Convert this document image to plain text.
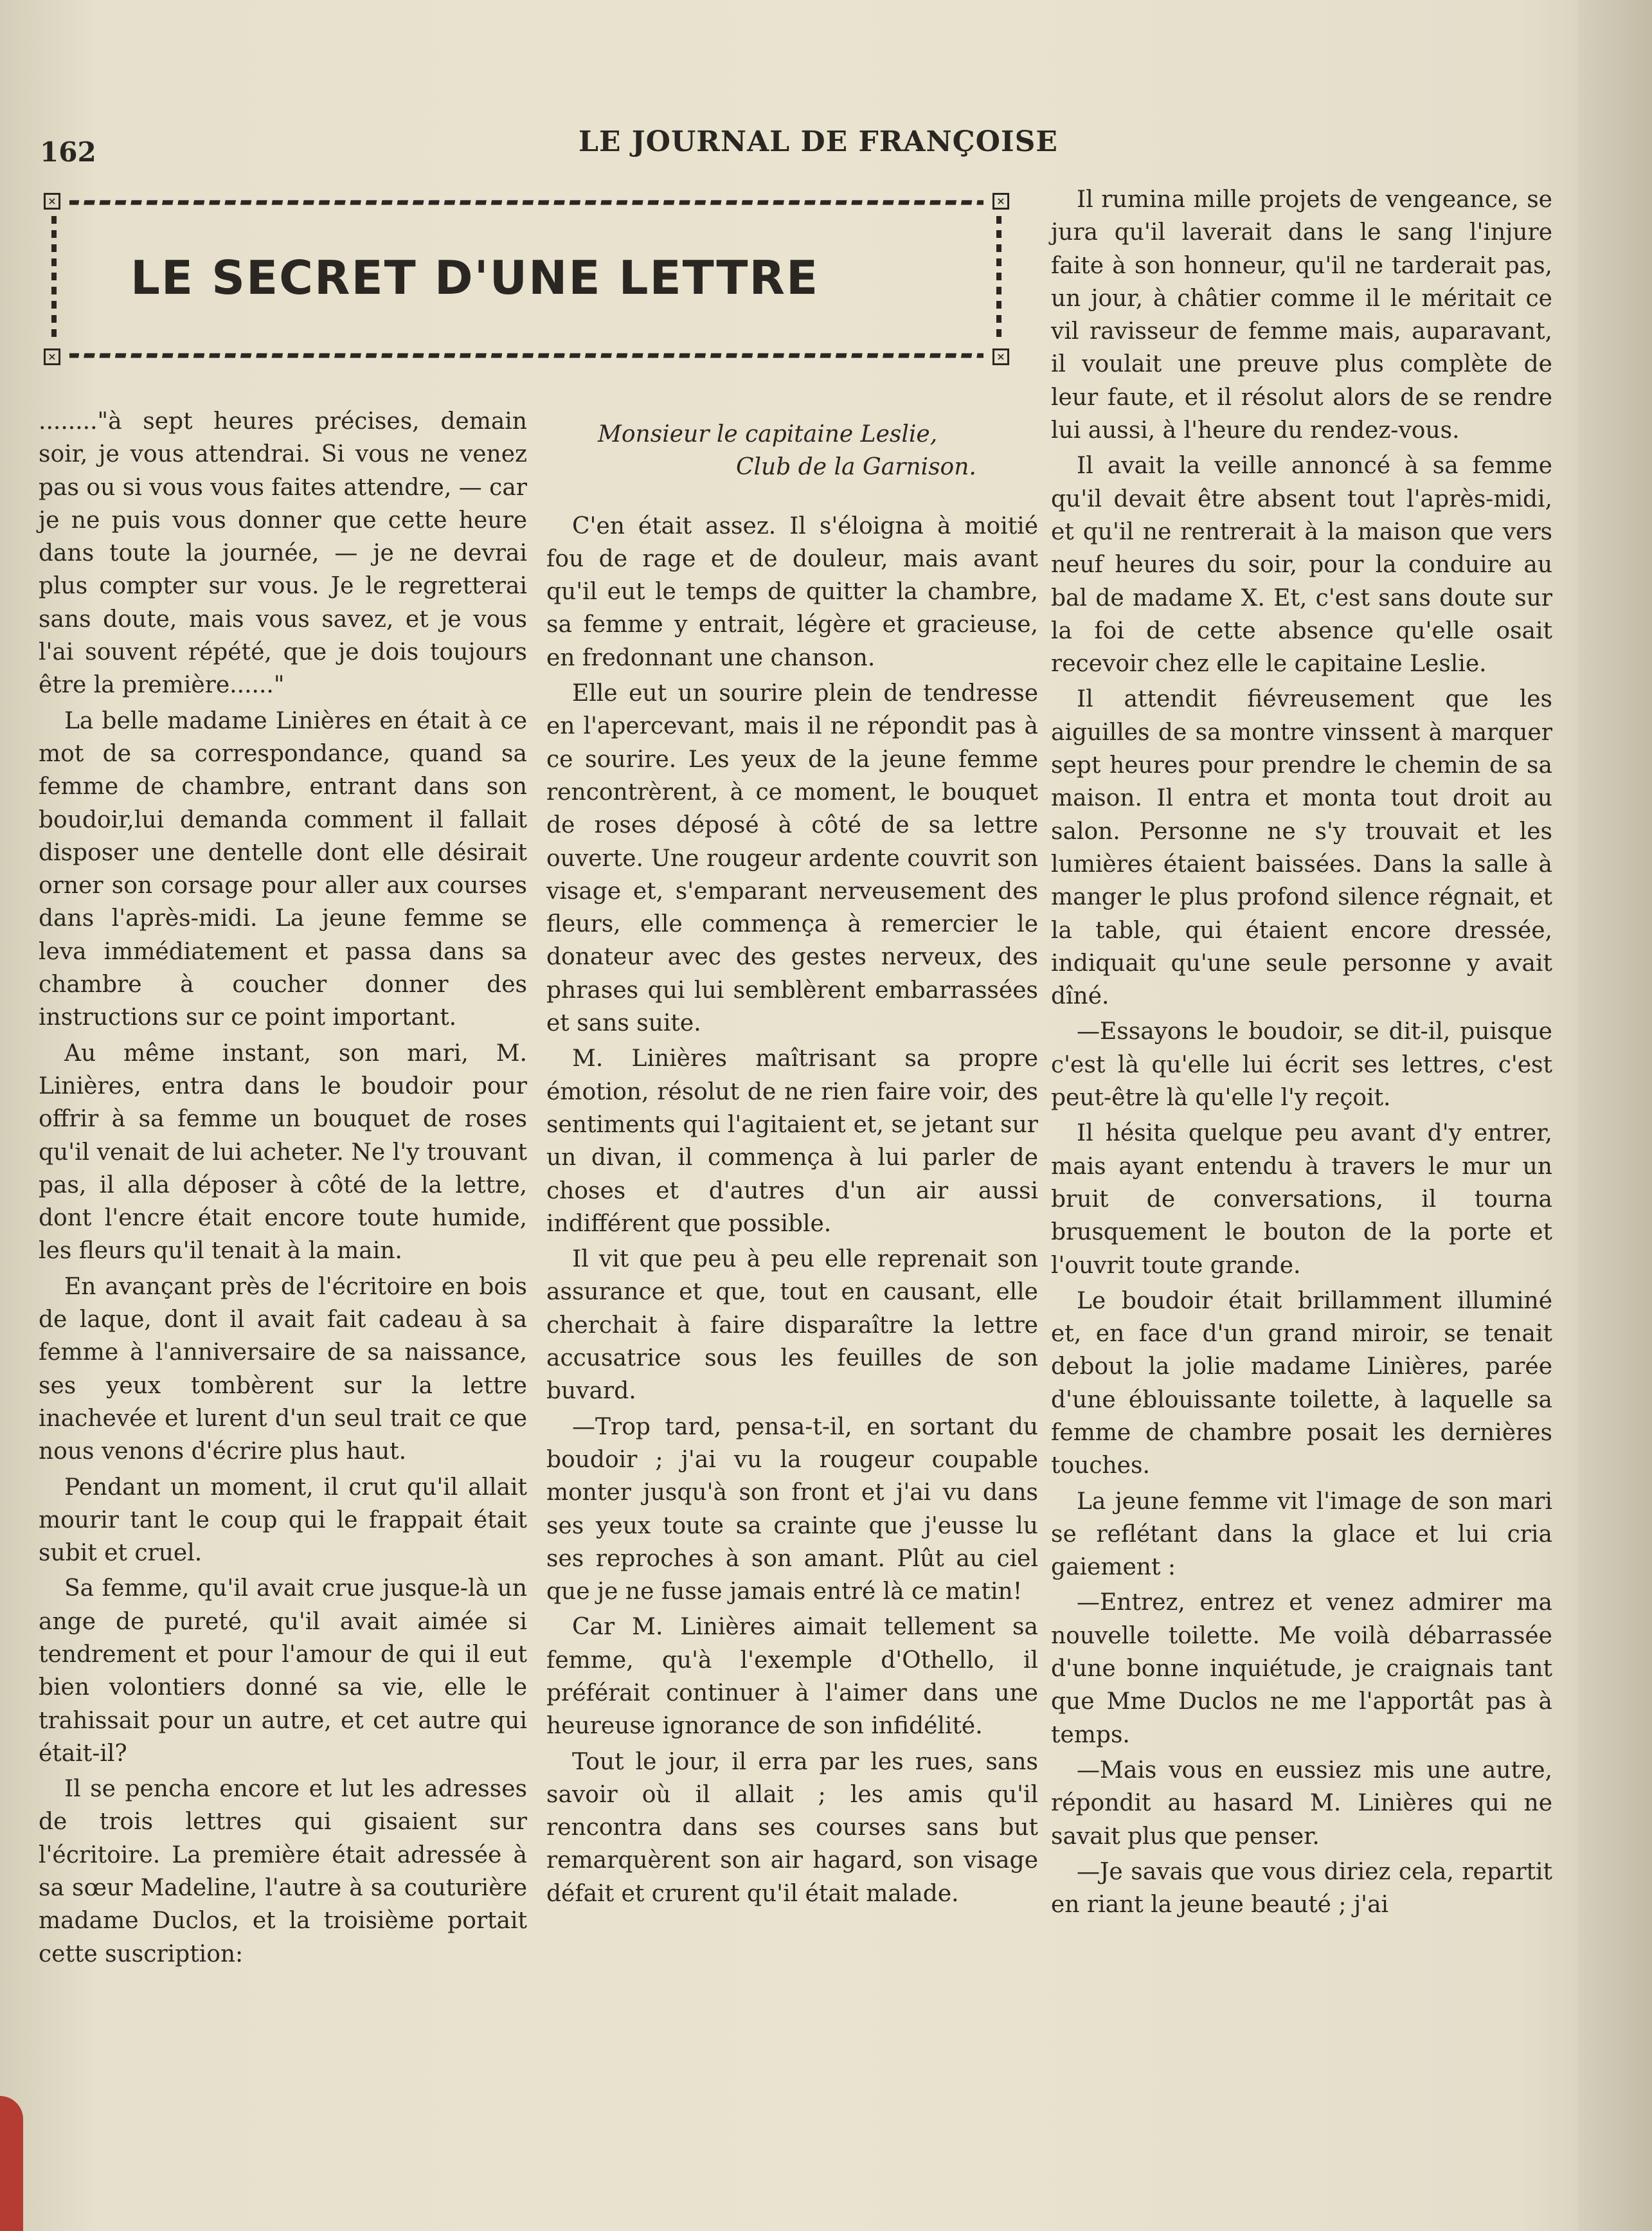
162	LE JOURNAL DE FRANÇOISE
×	×
×	×
LE SECRET D'UNE LETTRE

........"à sept heures précises, demain soir, je vous attendrai. Si vous ne venez pas ou si vous vous faites attendre, — car je ne puis vous donner que cette heure dans toute la journée, — je ne devrai plus compter sur vous. Je le regretterai sans doute, mais vous savez, et je vous l'ai souvent répété, que je dois toujours être la première......"

La belle madame Linières en était à ce mot de sa correspondance, quand sa femme de chambre, entrant dans son boudoir,lui demanda comment il fallait disposer une dentelle dont elle désirait orner son corsage pour aller aux courses dans l'après-midi. La jeune femme se leva immédiatement et passa dans sa chambre à coucher donner des instructions sur ce point important.

Au même instant, son mari, M. Linières, entra dans le boudoir pour offrir à sa femme un bouquet de roses qu'il venait de lui acheter. Ne l'y trouvant pas, il alla déposer à côté de la lettre, dont l'encre était encore toute humide, les fleurs qu'il tenait à la main.

En avançant près de l'écritoire en bois de laque, dont il avait fait cadeau à sa femme à l'anniversaire de sa naissance, ses yeux tombèrent sur la lettre inachevée et lurent d'un seul trait ce que nous venons d'écrire plus haut.

Pendant un moment, il crut qu'il allait mourir tant le coup qui le frappait était subit et cruel.

Sa femme, qu'il avait crue jusque-là un ange de pureté, qu'il avait aimée si tendrement et pour l'amour de qui il eut bien volontiers donné sa vie, elle le trahissait pour un autre, et cet autre qui était-il?

Il se pencha encore et lut les adresses de trois lettres qui gisaient sur l'écritoire. La première était adressée à sa sœur Madeline, l'autre à sa couturière madame Duclos, et la troisième portait cette suscription:

Monsieur le capitaine Leslie,
Club de la Garnison.

C'en était assez. Il s'éloigna à moitié fou de rage et de douleur, mais avant qu'il eut le temps de quitter la chambre, sa femme y entrait, légère et gracieuse, en fredonnant une chanson.

Elle eut un sourire plein de tendresse en l'apercevant, mais il ne répondit pas à ce sourire. Les yeux de la jeune femme rencontrèrent, à ce moment, le bouquet de roses déposé à côté de sa lettre ouverte. Une rougeur ardente couvrit son visage et, s'emparant nerveusement des fleurs, elle commença à remercier le donateur avec des gestes nerveux, des phrases qui lui semblèrent embarrassées et sans suite.

M. Linières maîtrisant sa propre émotion, résolut de ne rien faire voir, des sentiments qui l'agitaient et, se jetant sur un divan, il commença à lui parler de choses et d'autres d'un air aussi indifférent que possible.

Il vit que peu à peu elle reprenait son assurance et que, tout en causant, elle cherchait à faire disparaître la lettre accusatrice sous les feuilles de son buvard.

—Trop tard, pensa-t-il, en sortant du boudoir ; j'ai vu la rougeur coupable monter jusqu'à son front et j'ai vu dans ses yeux toute sa crainte que j'eusse lu ses reproches à son amant. Plût au ciel que je ne fusse jamais entré là ce matin!

Car M. Linières aimait tellement sa femme, qu'à l'exemple d'Othello, il préférait continuer à l'aimer dans une heureuse ignorance de son infidélité.

Tout le jour, il erra par les rues, sans savoir où il allait ; les amis qu'il rencontra dans ses courses sans but remarquèrent son air hagard, son visage défait et crurent qu'il était malade.

Il rumina mille projets de vengeance, se jura qu'il laverait dans le sang l'injure faite à son honneur, qu'il ne tarderait pas, un jour, à châtier comme il le méritait ce vil ravisseur de femme mais, auparavant, il voulait une preuve plus complète de leur faute, et il résolut alors de se rendre lui aussi, à l'heure du rendez-vous.

Il avait la veille annoncé à sa femme qu'il devait être absent tout l'après-midi, et qu'il ne rentrerait à la maison que vers neuf heures du soir, pour la conduire au bal de madame X. Et, c'est sans doute sur la foi de cette absence qu'elle osait recevoir chez elle le capitaine Leslie.

Il attendit fiévreusement que les aiguilles de sa montre vinssent à marquer sept heures pour prendre le chemin de sa maison. Il entra et monta tout droit au salon. Personne ne s'y trouvait et les lumières étaient baissées. Dans la salle à manger le plus profond silence régnait, et la table, qui étaient encore dressée, indiquait qu'une seule personne y avait dîné.

—Essayons le boudoir, se dit-il, puisque c'est là qu'elle lui écrit ses lettres, c'est peut-être là qu'elle l'y reçoit.

Il hésita quelque peu avant d'y entrer, mais ayant entendu à travers le mur un bruit de conversations, il tourna brusquement le bouton de la porte et l'ouvrit toute grande.

Le boudoir était brillamment illuminé et, en face d'un grand miroir, se tenait debout la jolie madame Linières, parée d'une éblouissante toilette, à laquelle sa femme de chambre posait les dernières touches.

La jeune femme vit l'image de son mari se reflétant dans la glace et lui cria gaiement :

—Entrez, entrez et venez admirer ma nouvelle toilette. Me voilà débarrassée d'une bonne inquiétude, je craignais tant que Mme Duclos ne me l'apportât pas à temps.

—Mais vous en eussiez mis une autre, répondit au hasard M. Linières qui ne savait plus que penser.

—Je savais que vous diriez cela, repartit en riant la jeune beauté ; j'ai
